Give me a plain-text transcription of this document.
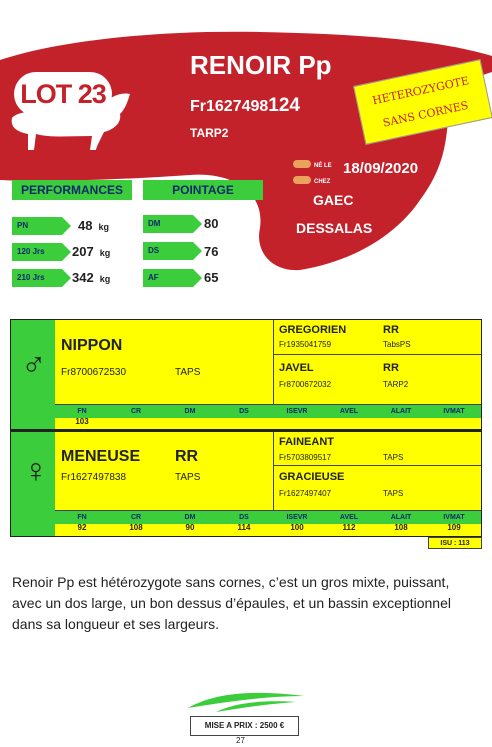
LOT 23
RENOIR Pp
Fr1627498124
TARP2
HETEROZYGOTE
SANS CORNES
NÉ LE 18/09/2020
CHEZ
GAEC
DESSALAS
PERFORMANCES	POINTAGE
PN	48 kg
120 Jrs	207 kg
210 Jrs	342 kg
DM	80
DS	76
AF	65
♂
NIPPON
Fr8700672530	TAPS
GREGORIEN	RR
Fr1935041759	TabsPS
JAVEL	RR
Fr8700672032	TARP2
FN	CR	DM	DS	ISEVR	AVEL	ALAIT	IVMAT
103
♀ MENEUSE RR
Fr1627497838	TAPS
FAINEANT
Fr5703809517	TAPS
GRACIEUSE
Fr1627497407	TAPS
FN	CR	DM	DS	ISEVR	AVEL	ALAIT	IVMAT
92	108	90	114	100	112	108	109
ISU : 113
Renoir Pp est hétérozygote sans cornes, c’est un gros mixte, puissant, avec un dos large, un bon dessus d’épaules, et un bassin exceptionnel dans sa longueur et ses largeurs.
MISE A PRIX : 2500 €
27
